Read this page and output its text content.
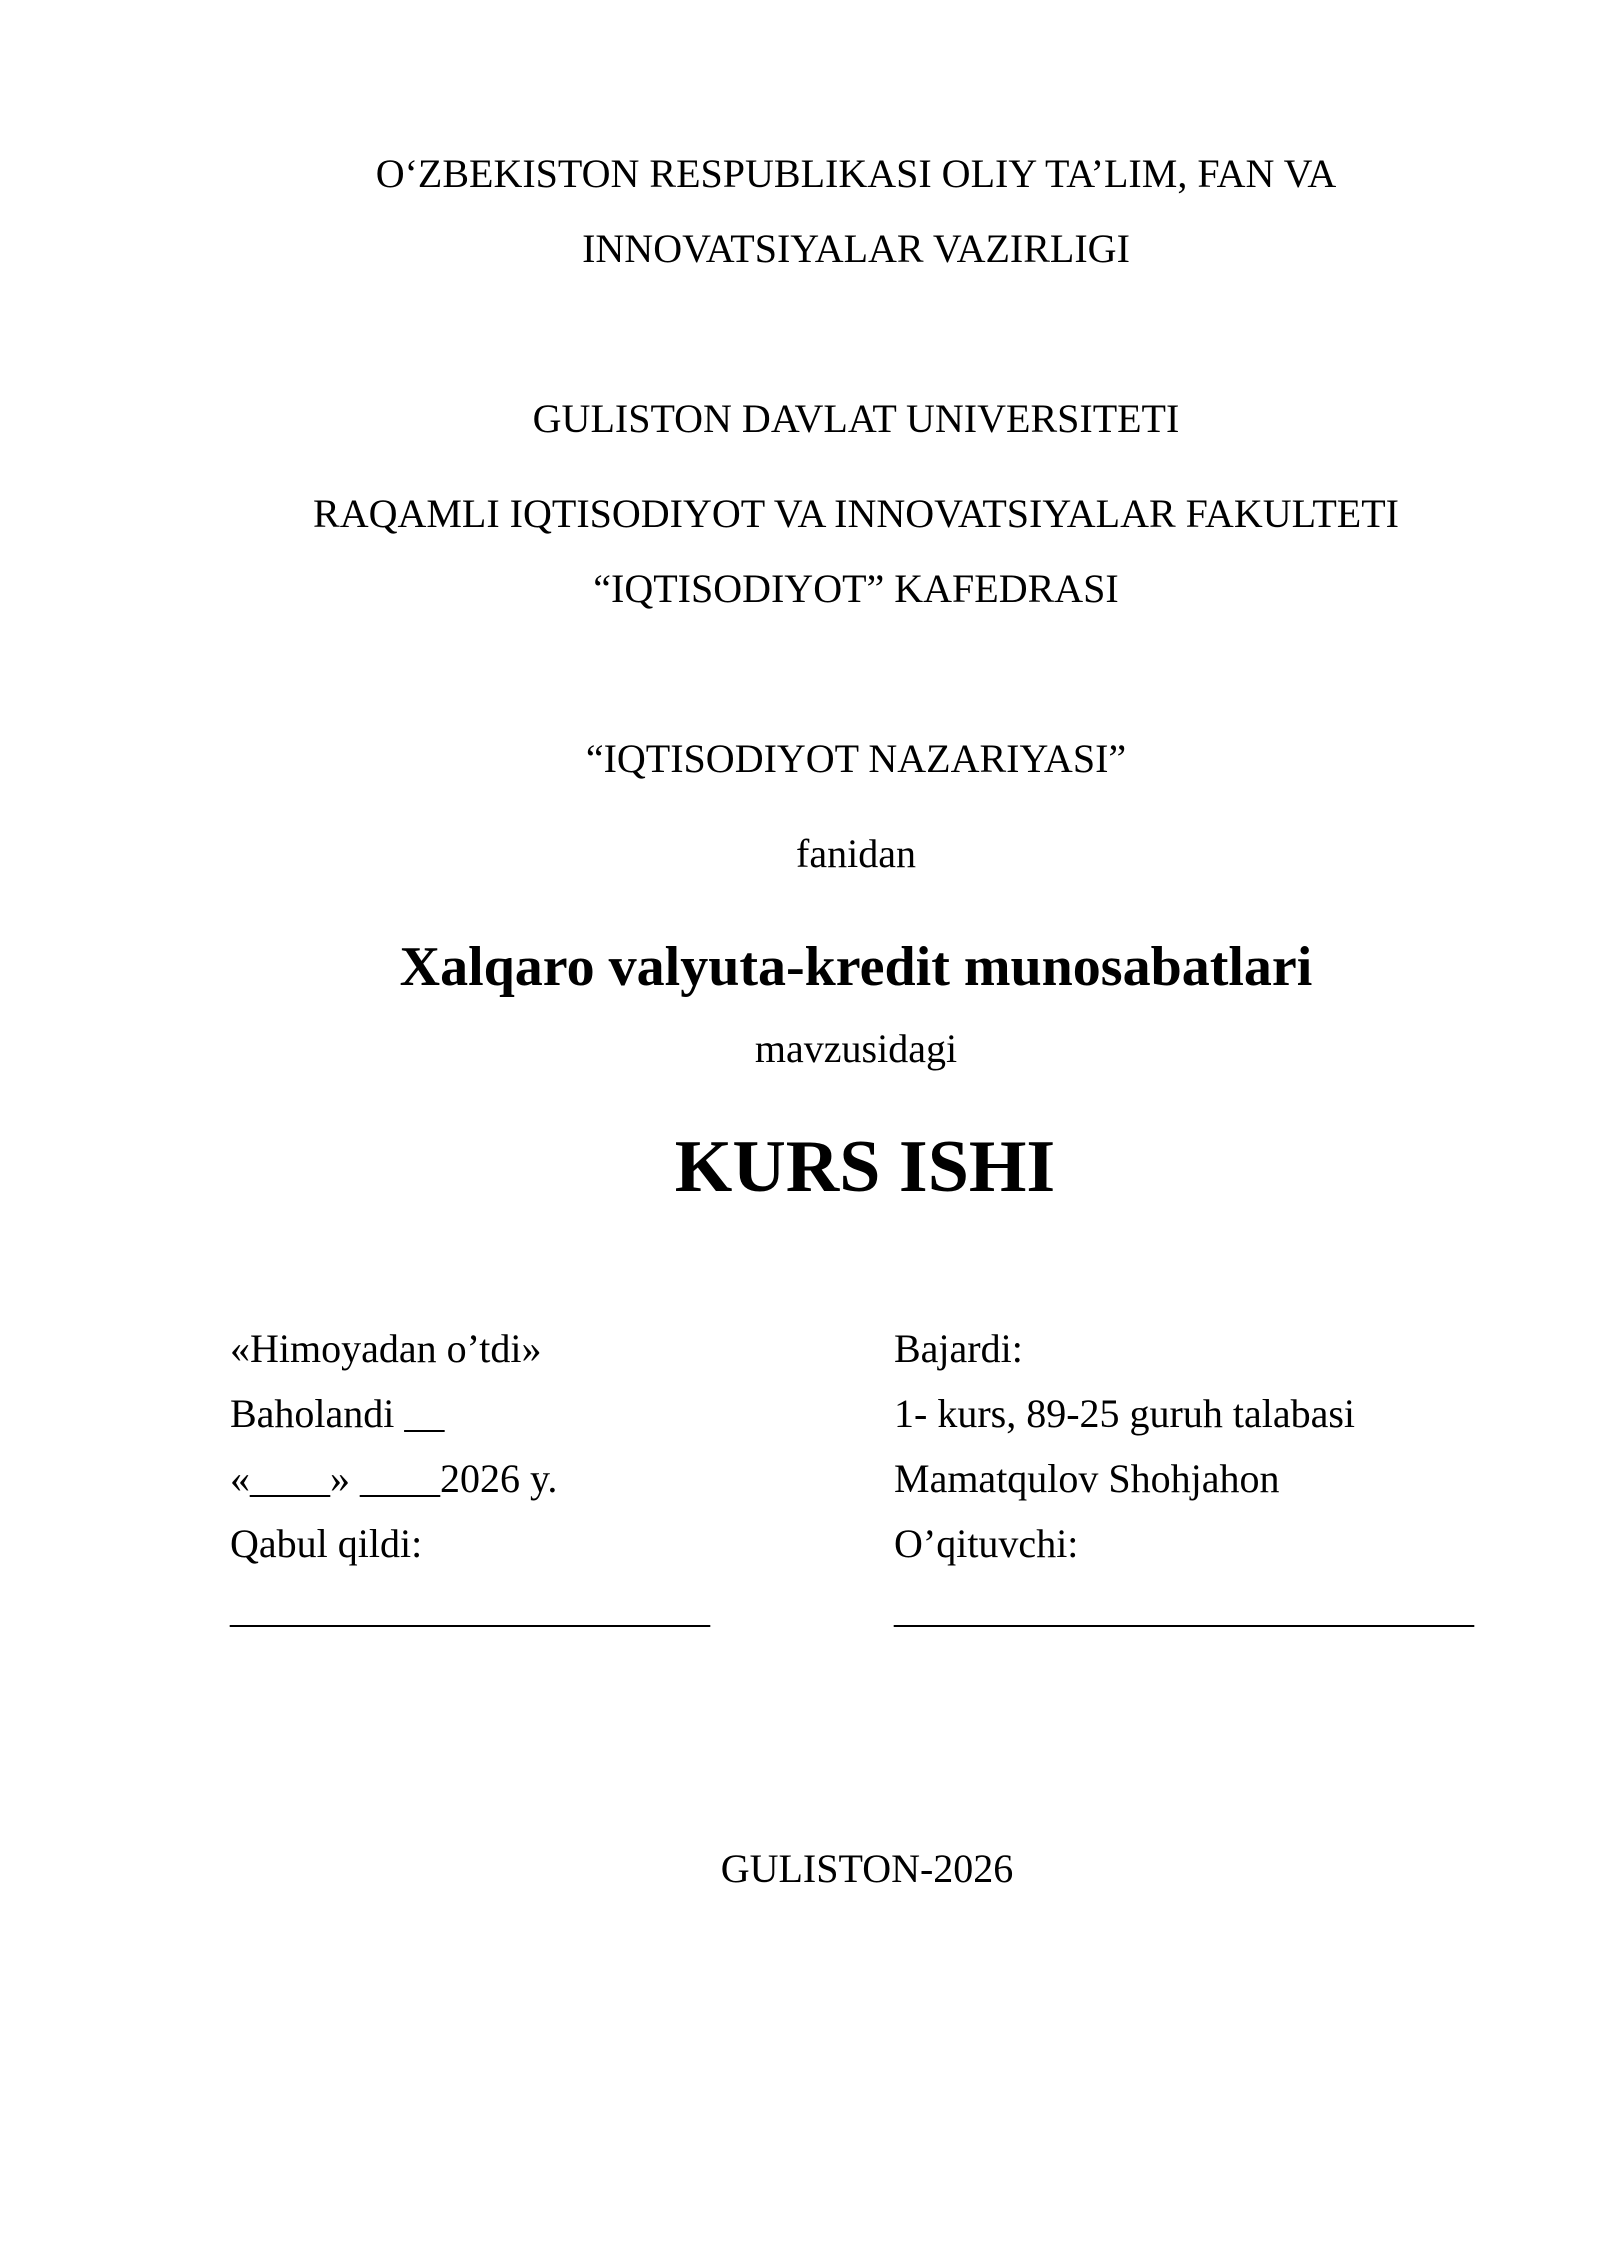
O‘ZBEKISTON RESPUBLIKASI OLIY TA’LIM, FAN VA
INNOVATSIYALAR VAZIRLIGI
GULISTON DAVLAT UNIVERSITETI
RAQAMLI IQTISODIYOT VA INNOVATSIYALAR FAKULTETI
“IQTISODIYOT” KAFEDRASI
“IQTISODIYOT NAZARIYASI”
fanidan
Xalqaro valyuta-kredit munosabatlari
mavzusidagi
KURS ISHI
«Himoyadan o’tdi»
Baholandi __
«____» ____2026 y.
Qabul qildi:
________________________
Bajardi:
1- kurs, 89-25 guruh talabasi
Mamatqulov Shohjahon
O’qituvchi:
_____________________________
GULISTON-2026
